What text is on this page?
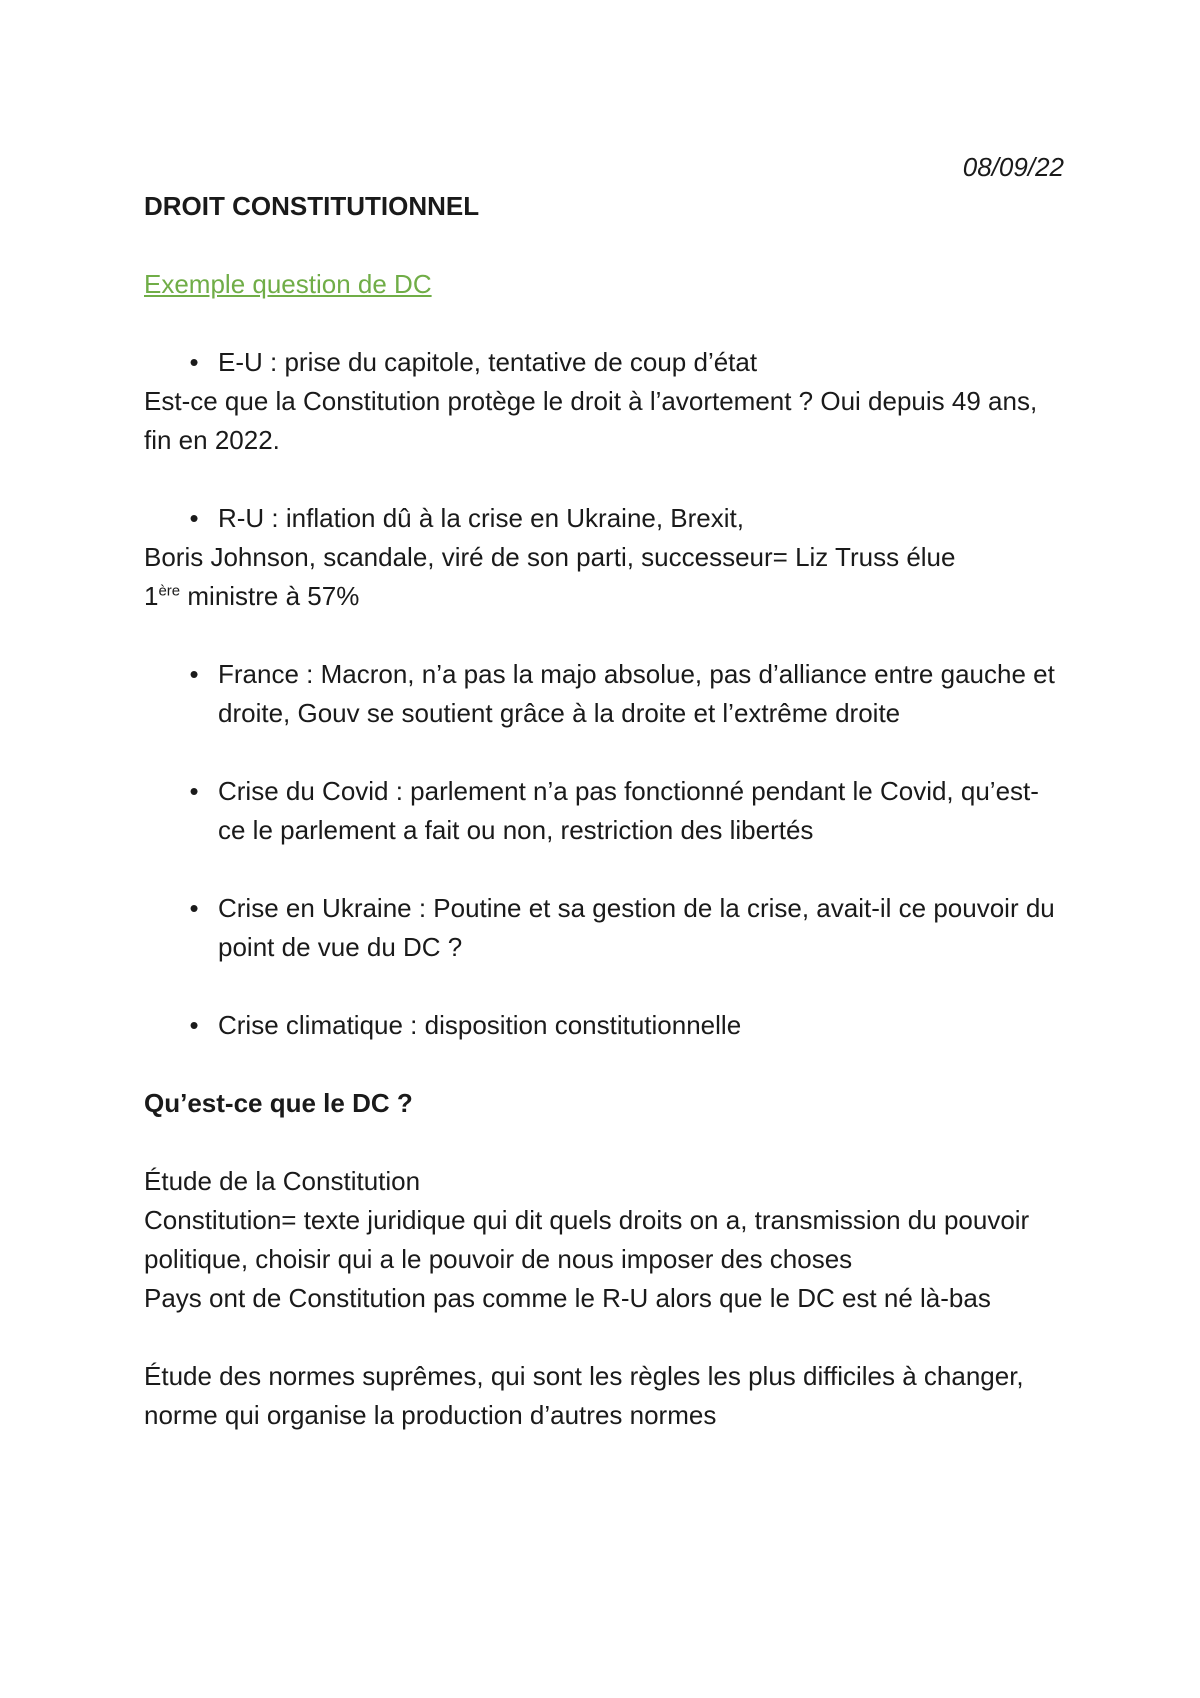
08/09/22

DROIT CONSTITUTIONNEL

Exemple question de DC

• E-U : prise du capitole, tentative de coup d’état

Est-ce que la Constitution protège le droit à l’avortement ? Oui depuis 49 ans, fin en 2022.

• R-U : inflation dû à la crise en Ukraine, Brexit,

Boris Johnson, scandale, viré de son parti, successeur= Liz Truss élue

1ère ministre à 57%

• France : Macron, n’a pas la majo absolue, pas d’alliance entre gauche et droite, Gouv se soutient grâce à la droite et l’extrême droite
• Crise du Covid : parlement n’a pas fonctionné pendant le Covid, qu’est-ce le parlement a fait ou non, restriction des libertés
• Crise en Ukraine : Poutine et sa gestion de la crise, avait-il ce pouvoir du point de vue du DC ?
• Crise climatique : disposition constitutionnelle

Qu’est-ce que le DC ?

Étude de la Constitution

Constitution= texte juridique qui dit quels droits on a, transmission du pouvoir politique, choisir qui a le pouvoir de nous imposer des choses

Pays ont de Constitution pas comme le R-U alors que le DC est né là-bas

Étude des normes suprêmes, qui sont les règles les plus difficiles à changer, norme qui organise la production d’autres normes
